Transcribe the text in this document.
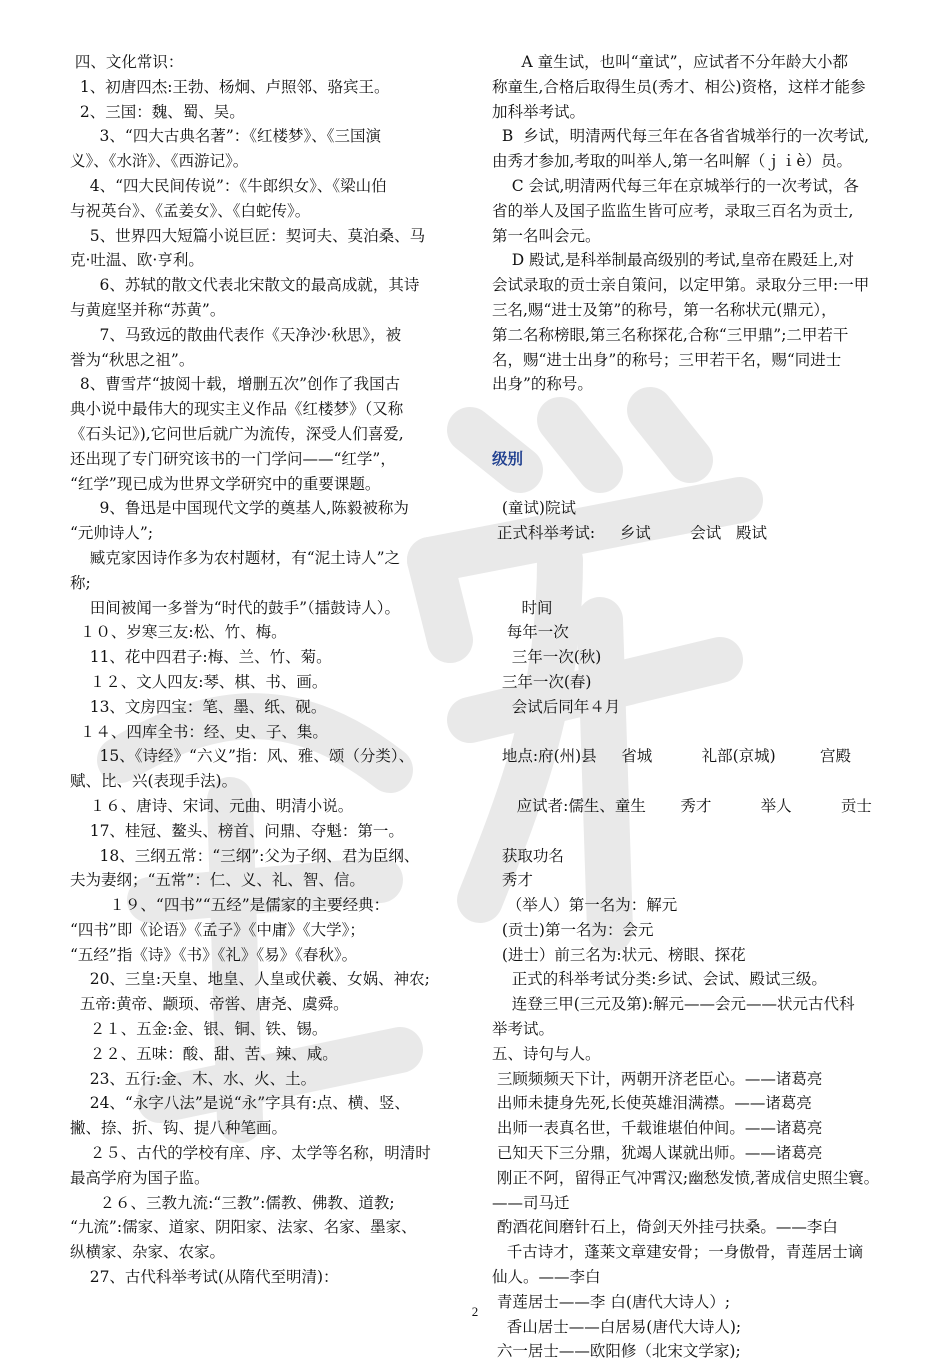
四、文化常识：
1、初唐四杰:王勃、杨炯、卢照邻、骆宾王。
2、三国：魏、蜀、吴。
3、“四大古典名著”：《红楼梦》、《三国演
义》、《水浒》、《西游记》。
4、“四大民间传说”：《牛郎织女》、《梁山伯
与祝英台》、《孟姜女》、《白蛇传》。
5、世界四大短篇小说巨匠：契诃夫、莫泊桑、马
克·吐温、欧·亨利。
6、苏轼的散文代表北宋散文的最高成就，其诗
与黄庭坚并称“苏黄”。
7、马致远的散曲代表作《天净沙·秋思》，被
誉为“秋思之祖”。
8、曹雪芹“披阅十载，增删五次”创作了我国古
典小说中最伟大的现实主义作品《红楼梦》（又称
《石头记》),它问世后就广为流传，深受人们喜爱,
还出现了专门研究该书的一门学问——“红学”，
“红学”现已成为世界文学研究中的重要课题。
9、鲁迅是中国现代文学的奠基人,陈毅被称为
“元帅诗人”;
臧克家因诗作多为农村题材，有“泥土诗人”之
称;
田间被闻一多誉为“时代的鼓手”（擂鼓诗人）。
１０、岁寒三友:松、竹、梅。
11、花中四君子:梅、兰、竹、菊。
１２、文人四友:琴、棋、书、画。
13、文房四宝：笔、墨、纸、砚。
１４、四库全书：经、史、子、集。
15、《诗经》“六义”指：风、雅、颂（分类）、
赋、比、兴(表现手法)。
１６、唐诗、宋词、元曲、明清小说。
17、桂冠、鳌头、榜首、问鼎、夺魁：第一。
18、三纲五常：“三纲”:父为子纲、君为臣纲、
夫为妻纲；“五常”：仁、义、礼、智、信。
１９、“四书”“五经”是儒家的主要经典：
“四书”即《论语》《孟子》《中庸》《大学》；
“五经”指《诗》《书》《礼》《易》《春秋》。
20、三皇:天皇、地皇、人皇或伏羲、女娲、神农;
五帝:黄帝、颛顼、帝喾、唐尧、虞舜。
２１、五金:金、银、铜、铁、锡。
２２、五味：酸、甜、苦、辣、咸。
23、五行:金、木、水、火、土。
24、“永字八法”是说“永”字具有:点、横、竖、
撇、捺、折、钩、提八种笔画。
２５、古代的学校有庠、序、太学等名称，明清时
最高学府为国子监。
２６、三教九流:“三教”:儒教、佛教、道教;
“九流”:儒家、道家、阴阳家、法家、名家、墨家、
纵横家、杂家、农家。
27、古代科举考试(从隋代至明清)：
A 童生试，也叫“童试”，应试者不分年龄大小都
称童生,合格后取得生员(秀才、相公)资格，这样才能参
加科举考试。
B  乡试，明清两代每三年在各省省城举行的一次考试,
由秀才参加,考取的叫举人,第一名叫解（ｊｉè）员。
C 会试,明清两代每三年在京城举行的一次考试，各
省的举人及国子监监生皆可应考，录取三百名为贡士,
第一名叫会元。
D 殿试,是科举制最高级别的考试,皇帝在殿廷上,对
会试录取的贡士亲自策问，以定甲第。录取分三甲:一甲
三名,赐“进士及第”的称号，第一名称状元(鼎元），
第二名称榜眼,第三名称探花,合称“三甲鼎”;二甲若干
名，赐“进士出身”的称号；三甲若干名，赐“同进士
出身”的称号。
级别
(童试)院试
正式科举考试:     乡试        会试   殿试
时间
每年一次
三年一次(秋)
三年一次(春)
会试后同年４月
地点:府(州)县     省城          礼部(京城)         宫殿
应试者:儒生、童生       秀才          举人          贡士
获取功名
秀才
（举人）第一名为：解元
(贡士)第一名为：会元
(进士）前三名为:状元、榜眼、探花
正式的科举考试分类:乡试、会试、殿试三级。
连登三甲(三元及第):解元——会元——状元古代科
举考试。
五、诗句与人。
三顾频频天下计，两朝开济老臣心。——诸葛亮
出师未捷身先死,长使英雄泪满襟。——诸葛亮
出师一表真名世，千载谁堪伯仲间。——诸葛亮
已知天下三分鼎，犹竭人谋就出师。——诸葛亮
刚正不阿，留得正气冲霄汉;幽愁发愤,著成信史照尘寰。
——司马迁
酌酒花间磨针石上，倚剑天外挂弓扶桑。——李白
千古诗才，蓬莱文章建安骨；一身傲骨，青莲居士谪
仙人。——李白
青莲居士——李 白(唐代大诗人）;
香山居士——白居易(唐代大诗人);
六一居士——欧阳修（北宋文学家);
2
